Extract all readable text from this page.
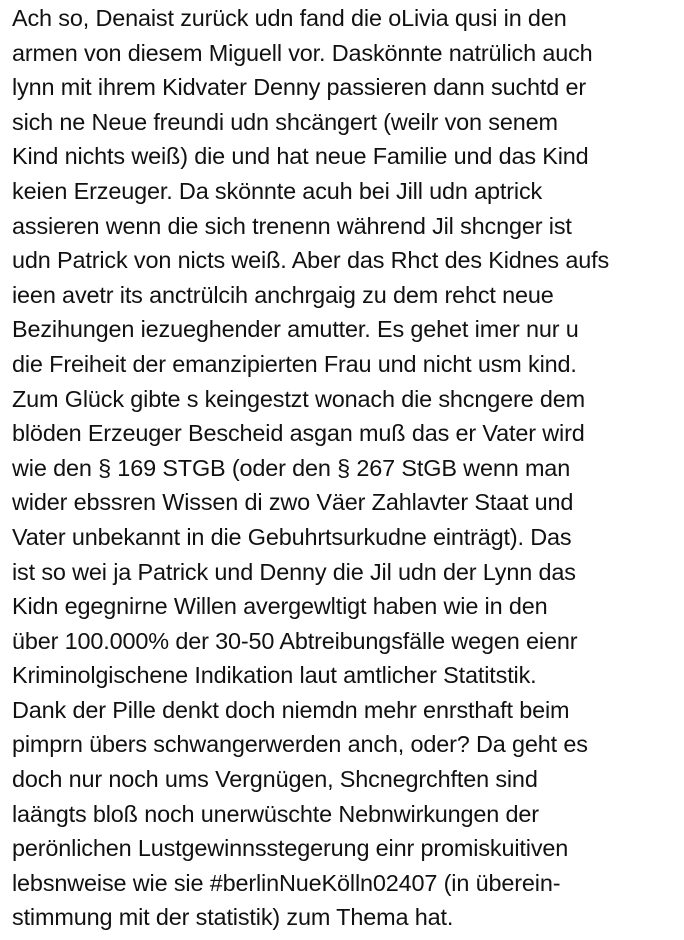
Ach so, Denaist zurück udn fand die oLivia qusi in den
armen von diesem Miguell vor. Daskönnte natrülich auch
lynn mit ihrem Kidvater Denny passieren dann suchtd er
sich ne Neue freundi udn shcängert (weilr von senem
Kind nichts weiß) die und hat neue Familie und das Kind
keien Erzeuger. Da skönnte acuh bei Jill udn aptrick
assieren wenn die sich trenenn während Jil shcnger ist
udn Patrick von nicts weiß. Aber das Rhct des Kidnes aufs
ieen avetr its anctrülcih anchrgaig zu dem rehct neue
Bezihungen iezueghender amutter. Es gehet imer nur u
die Freiheit der emanzipierten Frau und nicht usm kind.
Zum Glück gibte s keingestzt wonach die shcngere dem
blöden Erzeuger Bescheid asgan muß das er Vater wird
wie den § 169 STGB (oder den § 267 StGB wenn man
wider ebssren Wissen di zwo Väer Zahlavter Staat und
Vater unbekannt in die Gebuhrtsurkudne einträgt). Das
ist so wei ja Patrick und Denny die Jil udn der Lynn das
Kidn egegnirne Willen avergewltigt haben wie in den
über 100.000% der 30-50 Abtreibungsfälle wegen eienr
Kriminolgischene Indikation laut amtlicher Statitstik.
Dank der Pille denkt doch niemdn mehr enrsthaft beim
pimprn übers schwangerwerden anch, oder? Da geht es
doch nur noch ums Vergnügen, Shcnegrchften sind
laängts bloß noch unerwüschte Nebnwirkungen der
perönlichen Lustgewinnsstegerung einr promiskuitiven
lebsnweise wie sie #berlinNueKölln02407 (in überein-
stimmung mit der statistik) zum Thema hat.
